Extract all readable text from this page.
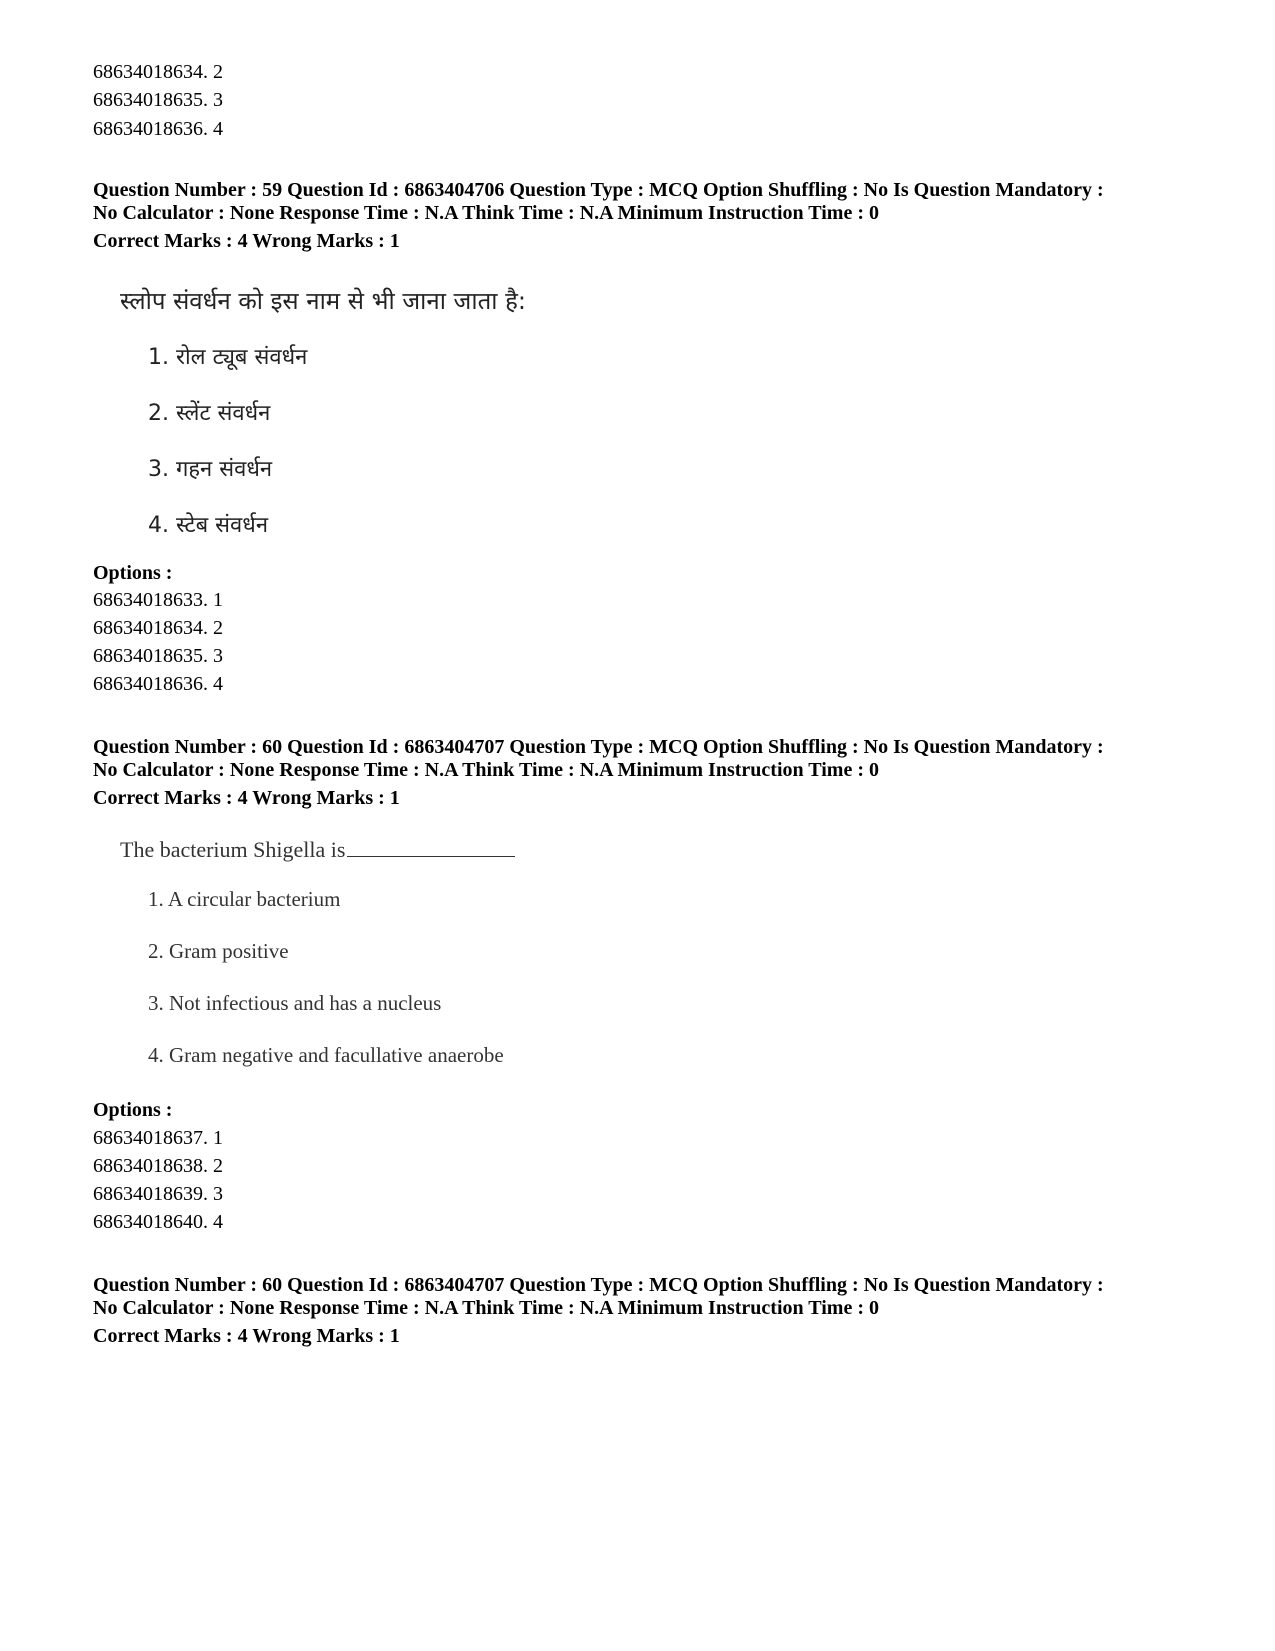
68634018634. 2
68634018635. 3
68634018636. 4
Question Number : 59 Question Id : 6863404706 Question Type : MCQ Option Shuffling : No Is Question Mandatory :
No Calculator : None Response Time : N.A Think Time : N.A Minimum Instruction Time : 0
Correct Marks : 4 Wrong Marks : 1
स्लोप संवर्धन को इस नाम से भी जाना जाता है:
1. रोल ट्यूब संवर्धन
2. स्लेंट संवर्धन
3. गहन संवर्धन
4. स्टेब संवर्धन
Options :
68634018633. 1
68634018634. 2
68634018635. 3
68634018636. 4
Question Number : 60 Question Id : 6863404707 Question Type : MCQ Option Shuffling : No Is Question Mandatory :
No Calculator : None Response Time : N.A Think Time : N.A Minimum Instruction Time : 0
Correct Marks : 4 Wrong Marks : 1
The bacterium Shigella is
1. A circular bacterium
2. Gram positive
3. Not infectious and has a nucleus
4. Gram negative and facullative anaerobe
Options :
68634018637. 1
68634018638. 2
68634018639. 3
68634018640. 4
Question Number : 60 Question Id : 6863404707 Question Type : MCQ Option Shuffling : No Is Question Mandatory :
No Calculator : None Response Time : N.A Think Time : N.A Minimum Instruction Time : 0
Correct Marks : 4 Wrong Marks : 1
